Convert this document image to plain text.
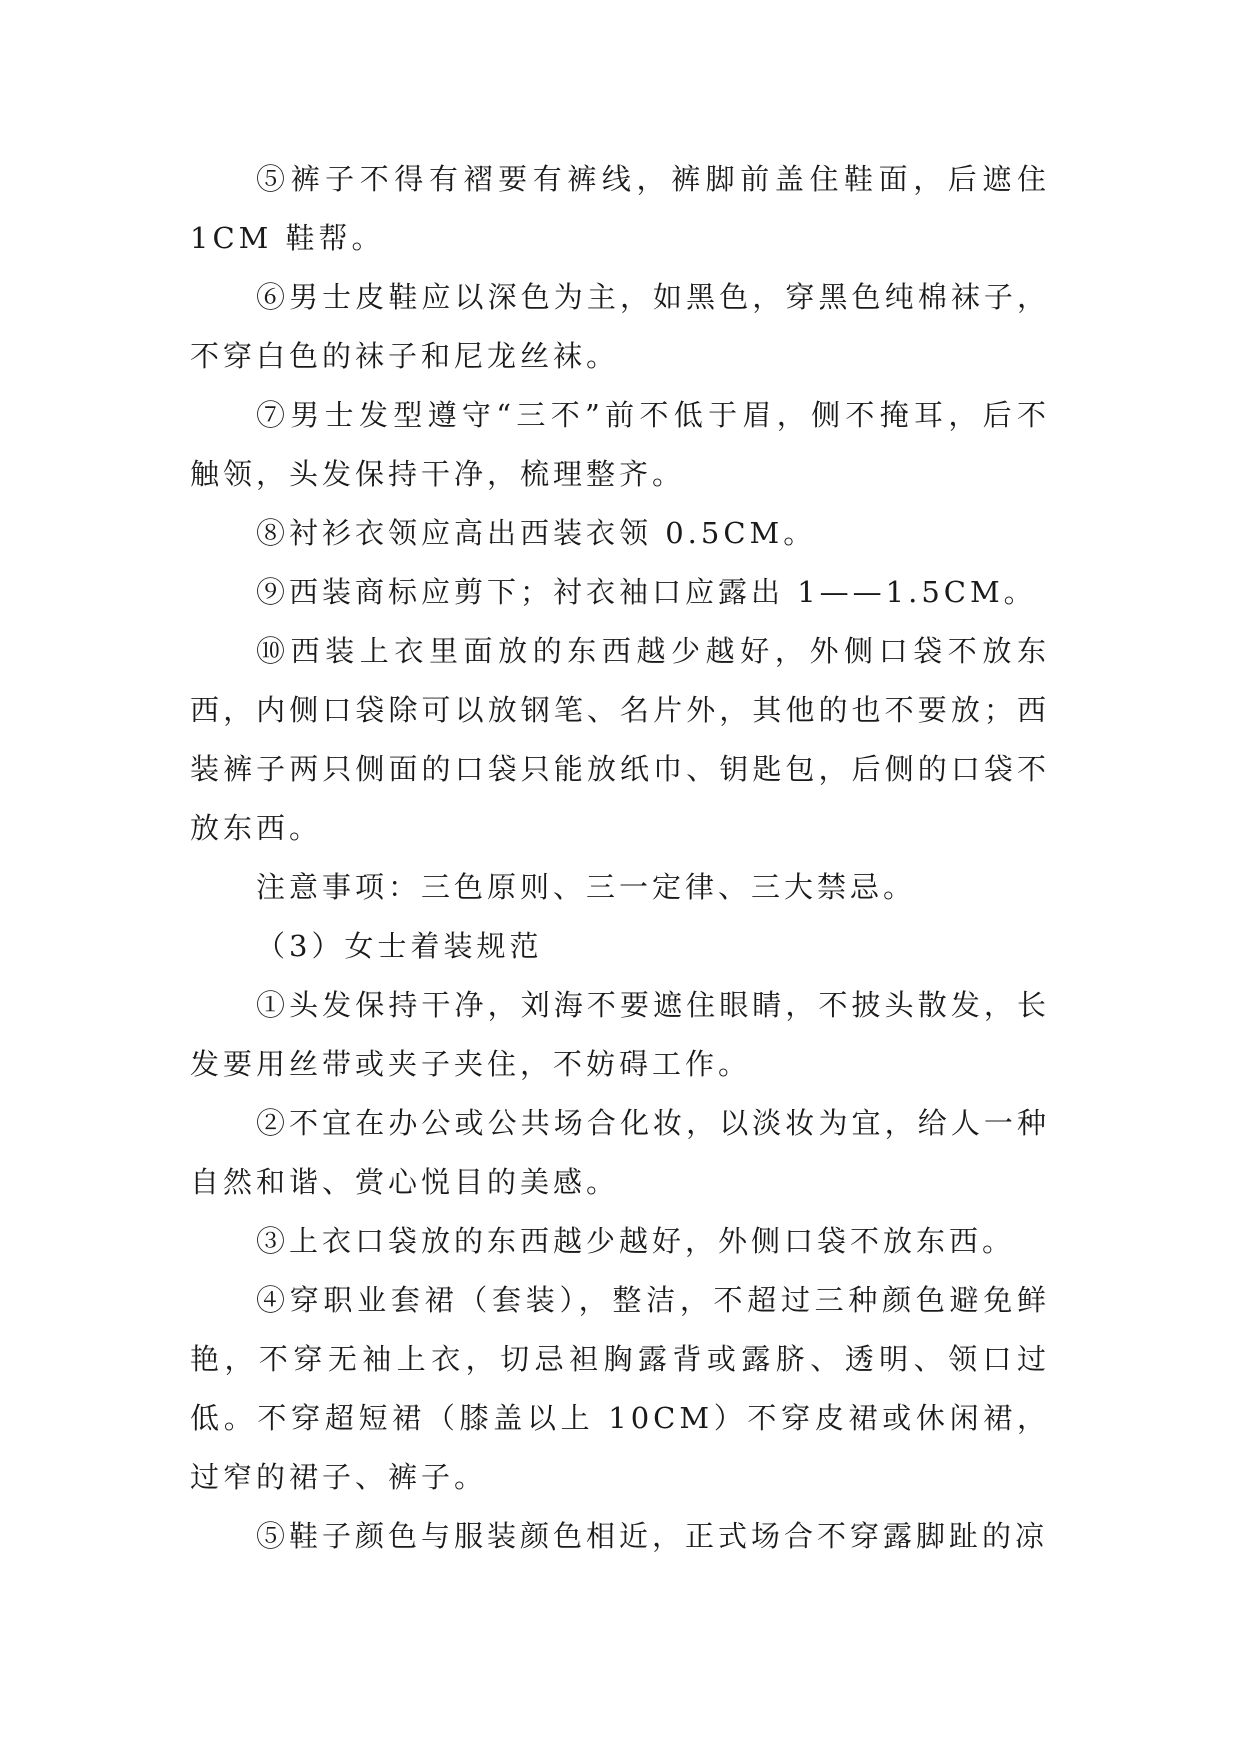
⑤裤子不得有褶要有裤线，裤脚前盖住鞋面，后遮住 1CM 鞋帮。

⑥男士皮鞋应以深色为主，如黑色，穿黑色纯棉袜子，不穿白色的袜子和尼龙丝袜。

⑦男士发型遵守“三不”前不低于眉，侧不掩耳，后不触领，头发保持干净，梳理整齐。

⑧衬衫衣领应高出西装衣领 0.5CM。

⑨西装商标应剪下；衬衣袖口应露出 1——1.5CM。

⑩西装上衣里面放的东西越少越好，外侧口袋不放东西，内侧口袋除可以放钢笔、名片外，其他的也不要放；西装裤子两只侧面的口袋只能放纸巾、钥匙包，后侧的口袋不放东西。

注意事项：三色原则、三一定律、三大禁忌。

（3）女士着装规范

①头发保持干净，刘海不要遮住眼睛，不披头散发，长发要用丝带或夹子夹住，不妨碍工作。

②不宜在办公或公共场合化妆，以淡妆为宜，给人一种自然和谐、赏心悦目的美感。

③上衣口袋放的东西越少越好，外侧口袋不放东西。

④穿职业套裙（套装），整洁，不超过三种颜色避免鲜艳，不穿无袖上衣，切忌袒胸露背或露脐、透明、领口过低。不穿超短裙（膝盖以上 10CM）不穿皮裙或休闲裙，过窄的裙子、裤子。

⑤鞋子颜色与服装颜色相近，正式场合不穿露脚趾的凉
